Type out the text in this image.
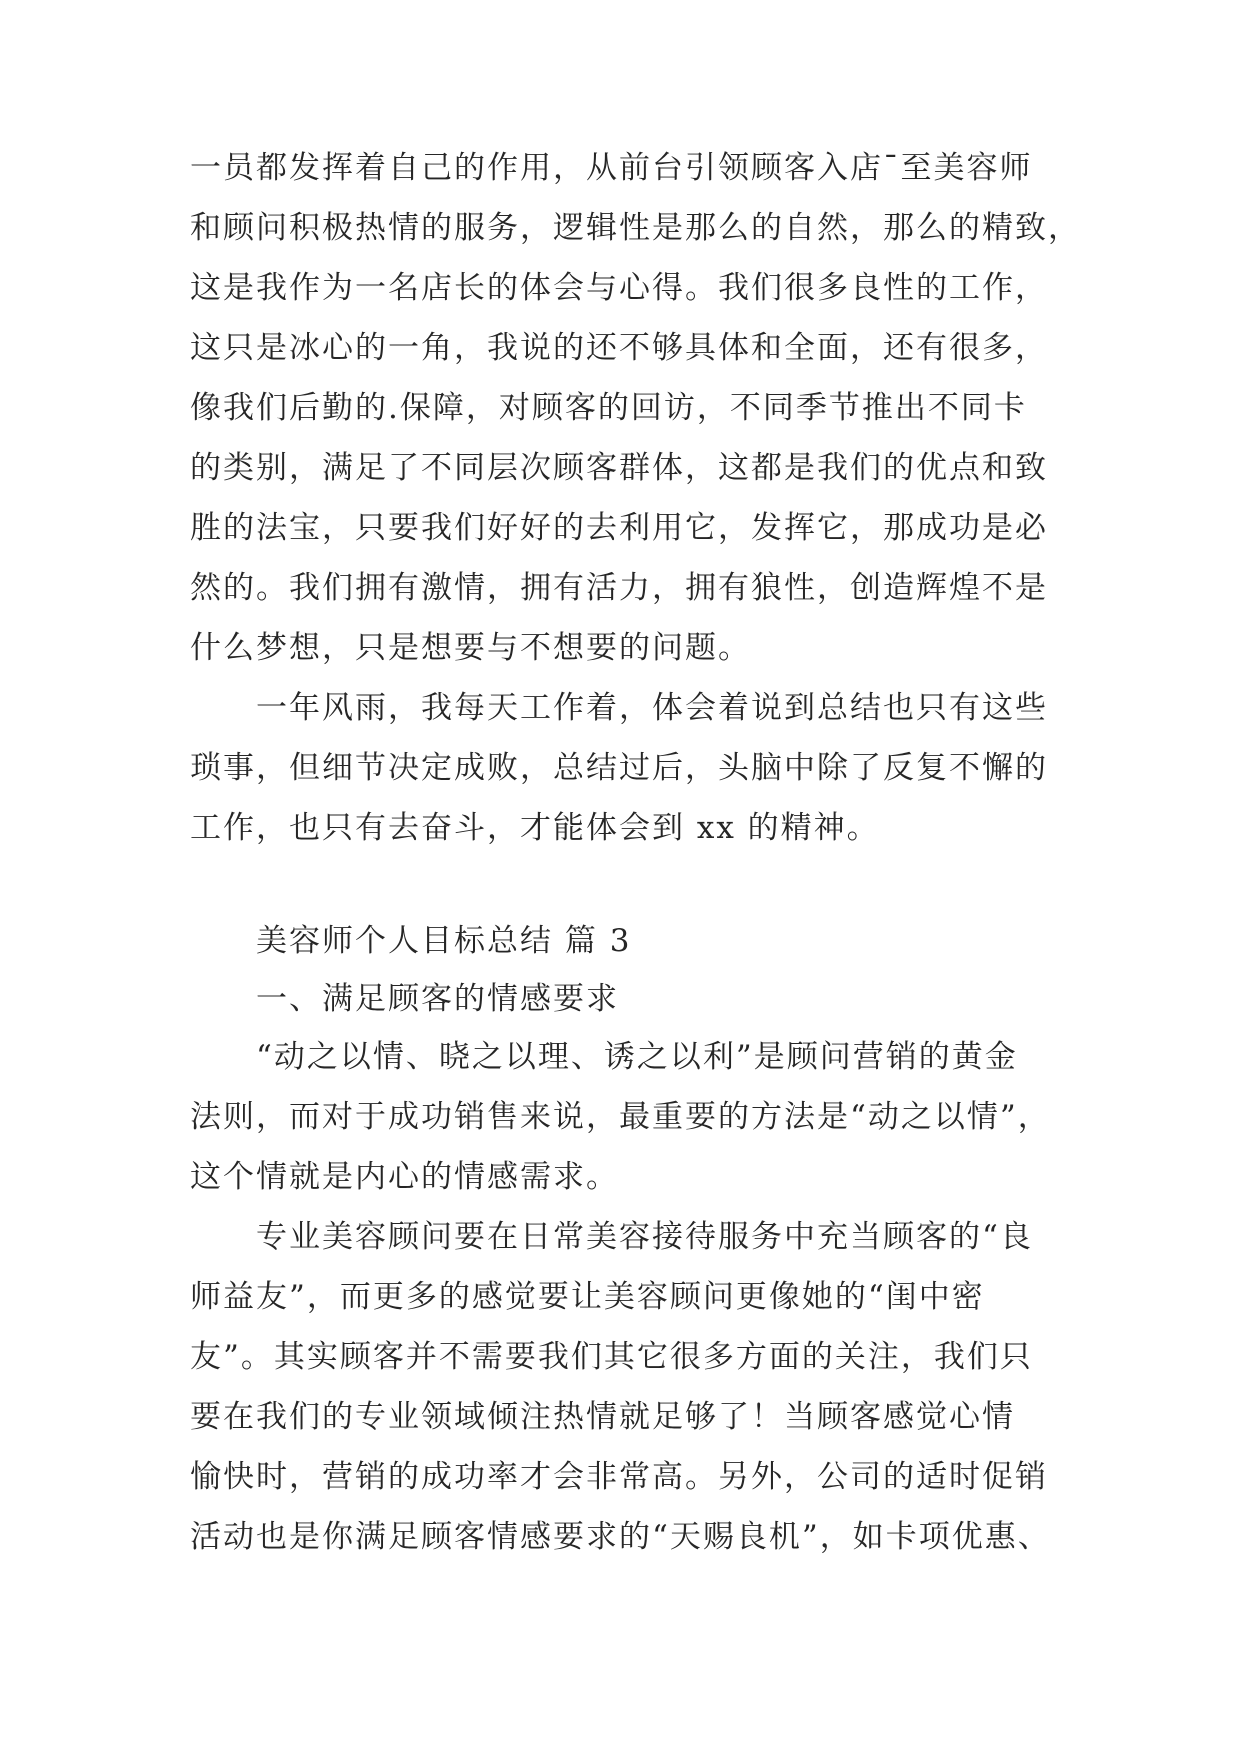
一员都发挥着自己的作用，从前台引领顾客入店¯至美容师
和顾问积极热情的服务，逻辑性是那么的自然，那么的精致，
这是我作为一名店长的体会与心得。我们很多良性的工作，
这只是冰心的一角，我说的还不够具体和全面，还有很多，
像我们后勤的.保障，对顾客的回访，不同季节推出不同卡
的类别，满足了不同层次顾客群体，这都是我们的优点和致
胜的法宝，只要我们好好的去利用它，发挥它，那成功是必
然的。我们拥有激情，拥有活力，拥有狼性，创造辉煌不是
什么梦想，只是想要与不想要的问题。
一年风雨，我每天工作着，体会着说到总结也只有这些
琐事，但细节决定成败，总结过后，头脑中除了反复不懈的
工作，也只有去奋斗，才能体会到 xx 的精神。
美容师个人目标总结 篇 3
一、满足顾客的情感要求
“动之以情、晓之以理、诱之以利”是顾问营销的黄金
法则，而对于成功销售来说，最重要的方法是“动之以情”，
这个情就是内心的情感需求。
专业美容顾问要在日常美容接待服务中充当顾客的“良
师益友”，而更多的感觉要让美容顾问更像她的“闺中密
友”。其实顾客并不需要我们其它很多方面的关注，我们只
要在我们的专业领域倾注热情就足够了！当顾客感觉心情
愉快时，营销的成功率才会非常高。另外，公司的适时促销
活动也是你满足顾客情感要求的“天赐良机”，如卡项优惠、
